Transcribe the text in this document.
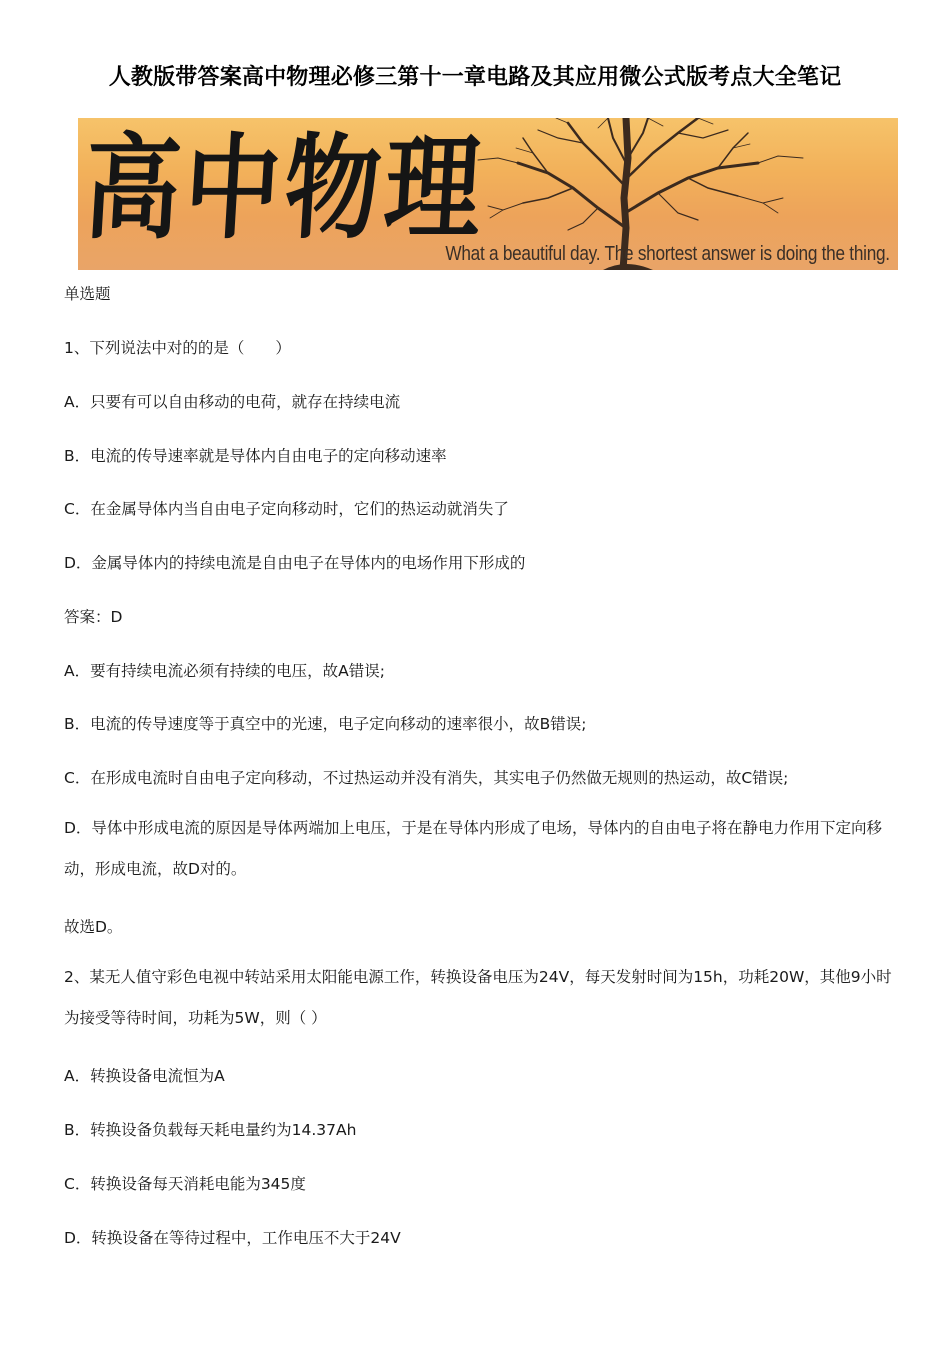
人教版带答案高中物理必修三第十一章电路及其应用微公式版考点大全笔记
高中物理
What a beautiful day. The shortest answer is doing the thing.
单选题
1、下列说法中对的的是（　　）
A．只要有可以自由移动的电荷，就存在持续电流
B．电流的传导速率就是导体内自由电子的定向移动速率
C．在金属导体内当自由电子定向移动时，它们的热运动就消失了
D．金属导体内的持续电流是自由电子在导体内的电场作用下形成的
答案：D
A．要有持续电流必须有持续的电压，故A错误;
B．电流的传导速度等于真空中的光速，电子定向移动的速率很小，故B错误;
C．在形成电流时自由电子定向移动，不过热运动并没有消失，其实电子仍然做无规则的热运动，故C错误;
D．导体中形成电流的原因是导体两端加上电压，于是在导体内形成了电场，导体内的自由电子将在静电力作用下定向移动，形成电流，故D对的。
故选D。
2、某无人值守彩色电视中转站采用太阳能电源工作，转换设备电压为24V，每天发射时间为15h，功耗20W，其他9小时为接受等待时间，功耗为5W，则（ ）
A．转换设备电流恒为A
B．转换设备负载每天耗电量约为14.37Ah
C．转换设备每天消耗电能为345度
D．转换设备在等待过程中，工作电压不大于24V
